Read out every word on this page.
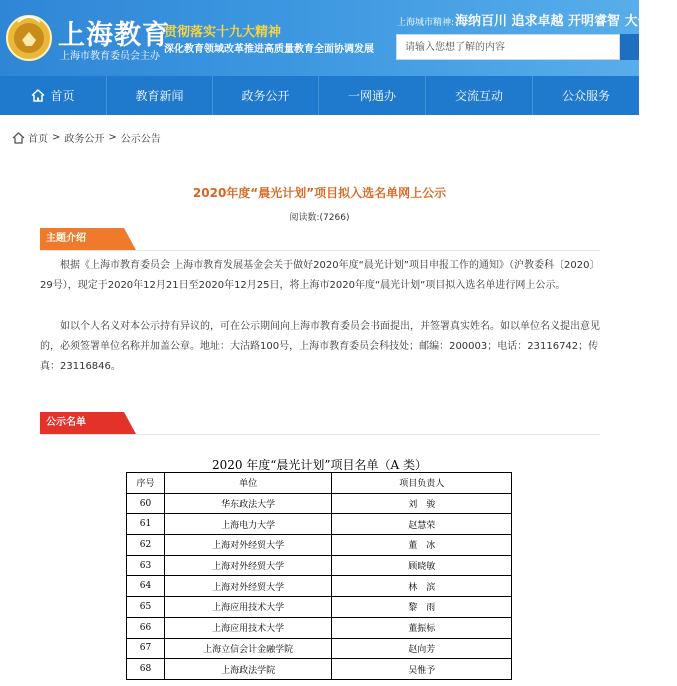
上海教育
上海市教育委员会主办
贯彻落实十九大精神
深化教育领域改革推进高质量教育全面协调发展
上海城市精神: 海纳百川 追求卓越 开明睿智 大气谦和
请输入您想了解的内容
首页	教育新闻	政务公开	一网通办	交流互动	公众服务
首页 > 政务公开 > 公示公告
2020年度“晨光计划”项目拟入选名单网上公示
阅读数:(7266)
主题介绍
根据《上海市教育委员会 上海市教育发展基金会关于做好2020年度“晨光计划”项目申报工作的通知》（沪教委科〔2020〕29号），现定于2020年12月21日至2020年12月25日，将上海市2020年度“晨光计划”项目拟入选名单进行网上公示。
如以个人名义对本公示持有异议的，可在公示期间向上海市教育委员会书面提出，并签署真实姓名。如以单位名义提出意见的，必须签署单位名称并加盖公章。地址：大沽路100号，上海市教育委员会科技处；邮编：200003；电话：23116742；传真：23116846。
公示名单
2020 年度“晨光计划”项目名单（A 类）
序号	单位	项目负责人
60	华东政法大学	刘　骏
61	上海电力大学	赵慧荣
62	上海对外经贸大学	董　冰
63	上海对外经贸大学	顾晓敏
64	上海对外经贸大学	林　滨
65	上海应用技术大学	黎　雨
66	上海应用技术大学	董振标
67	上海立信会计金融学院	赵向芳
68	上海政法学院	吴惟予
